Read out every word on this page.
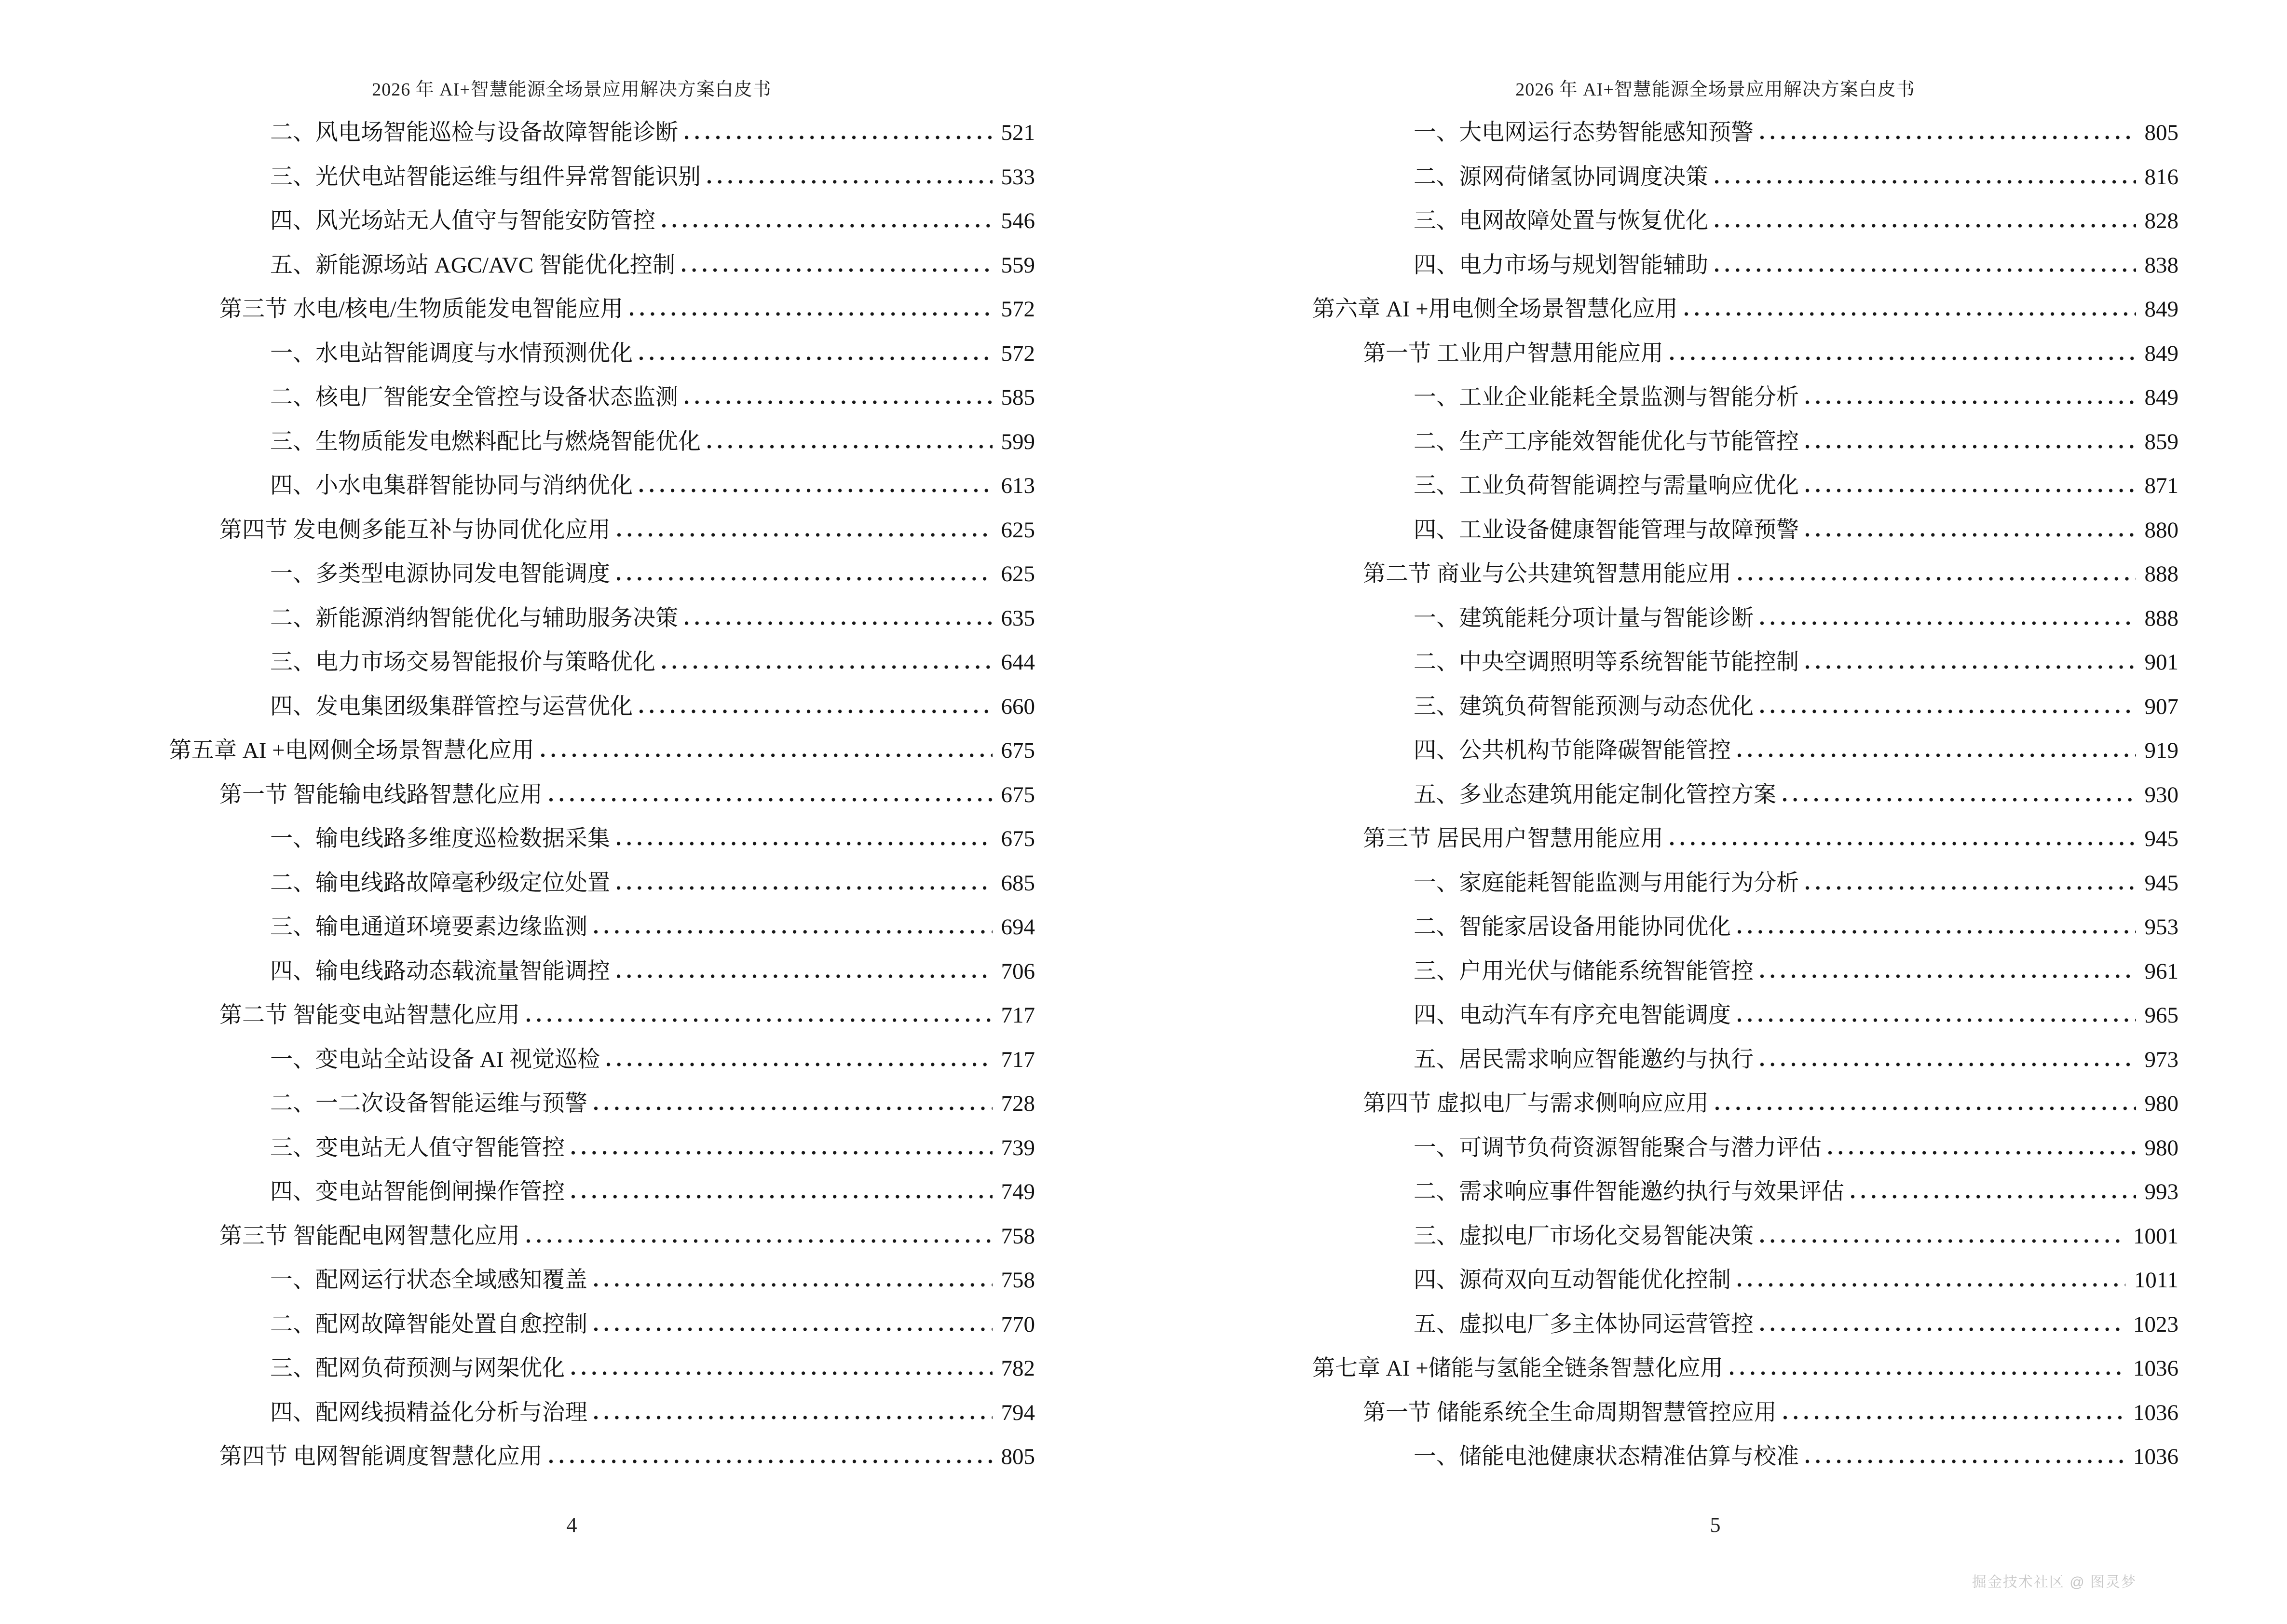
2026 年 AI+智慧能源全场景应用解决方案白皮书
二、风电场智能巡检与设备故障智能诊断	521
三、光伏电站智能运维与组件异常智能识别	533
四、风光场站无人值守与智能安防管控	546
五、新能源场站 AGC/AVC 智能优化控制	559
第三节 水电/核电/生物质能发电智能应用	572
一、水电站智能调度与水情预测优化	572
二、核电厂智能安全管控与设备状态监测	585
三、生物质能发电燃料配比与燃烧智能优化	599
四、小水电集群智能协同与消纳优化	613
第四节 发电侧多能互补与协同优化应用	625
一、多类型电源协同发电智能调度	625
二、新能源消纳智能优化与辅助服务决策	635
三、电力市场交易智能报价与策略优化	644
四、发电集团级集群管控与运营优化	660
第五章 AI +电网侧全场景智慧化应用	675
第一节 智能输电线路智慧化应用	675
一、输电线路多维度巡检数据采集	675
二、输电线路故障毫秒级定位处置	685
三、输电通道环境要素边缘监测	694
四、输电线路动态载流量智能调控	706
第二节 智能变电站智慧化应用	717
一、变电站全站设备 AI 视觉巡检	717
二、一二次设备智能运维与预警	728
三、变电站无人值守智能管控	739
四、变电站智能倒闸操作管控	749
第三节 智能配电网智慧化应用	758
一、配网运行状态全域感知覆盖	758
二、配网故障智能处置自愈控制	770
三、配网负荷预测与网架优化	782
四、配网线损精益化分析与治理	794
第四节 电网智能调度智慧化应用	805
4
2026 年 AI+智慧能源全场景应用解决方案白皮书
一、大电网运行态势智能感知预警	805
二、源网荷储氢协同调度决策	816
三、电网故障处置与恢复优化	828
四、电力市场与规划智能辅助	838
第六章 AI +用电侧全场景智慧化应用	849
第一节 工业用户智慧用能应用	849
一、工业企业能耗全景监测与智能分析	849
二、生产工序能效智能优化与节能管控	859
三、工业负荷智能调控与需量响应优化	871
四、工业设备健康智能管理与故障预警	880
第二节 商业与公共建筑智慧用能应用	888
一、建筑能耗分项计量与智能诊断	888
二、中央空调照明等系统智能节能控制	901
三、建筑负荷智能预测与动态优化	907
四、公共机构节能降碳智能管控	919
五、多业态建筑用能定制化管控方案	930
第三节 居民用户智慧用能应用	945
一、家庭能耗智能监测与用能行为分析	945
二、智能家居设备用能协同优化	953
三、户用光伏与储能系统智能管控	961
四、电动汽车有序充电智能调度	965
五、居民需求响应智能邀约与执行	973
第四节 虚拟电厂与需求侧响应应用	980
一、可调节负荷资源智能聚合与潜力评估	980
二、需求响应事件智能邀约执行与效果评估	993
三、虚拟电厂市场化交易智能决策	1001
四、源荷双向互动智能优化控制	1011
五、虚拟电厂多主体协同运营管控	1023
第七章 AI +储能与氢能全链条智慧化应用	1036
第一节 储能系统全生命周期智慧管控应用	1036
一、储能电池健康状态精准估算与校准	1036
5
掘金技术社区 @ 图灵梦
